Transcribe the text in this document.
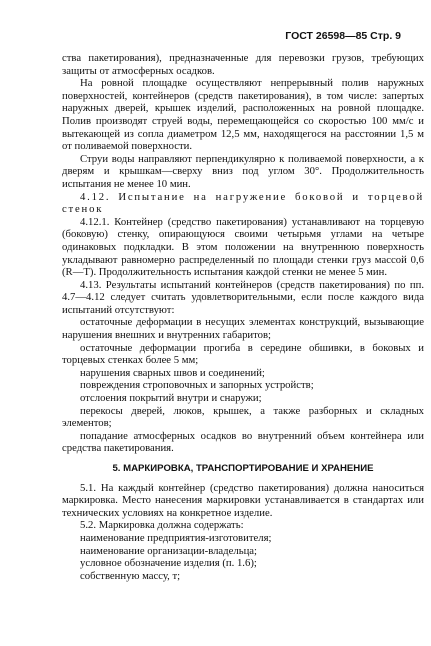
ГОСТ 26598—85 Стр. 9

ства пакетирования), предназначенные для перевозки грузов, требующих защиты от атмосферных осадков.

На ровной площадке осуществляют непрерывный полив наружных поверхностей, контейнеров (средств пакетирования), в том числе: запертых наружных дверей, крышек изделий, расположенных на ровной площадке. Полив производят струей воды, перемещающейся со скоростью 100 мм/с и вытекающей из сопла диаметром 12,5 мм, находящегося на расстоянии 1,5 м от поливаемой поверхности.

Струи воды направляют перпендикулярно к поливаемой поверхности, а к дверям и крышкам—сверху вниз под углом 30°. Продолжительность испытания не менее 10 мин.

4.12. Испытание на нагружение боковой и торцевой стенок

4.12.1. Контейнер (средство пакетирования) устанавливают на торцевую (боковую) стенку, опирающуюся своими четырьмя углами на четыре одинаковых подкладки. В этом положении на внутреннюю поверхность укладывают равномерно распределенный по площади стенки груз массой 0,6 (R—T). Продолжительность испытания каждой стенки не менее 5 мин.

4.13. Результаты испытаний контейнеров (средств пакетирования) по пп. 4.7—4.12 следует считать удовлетворительными, если после каждого вида испытаний отсутствуют:

остаточные деформации в несущих элементах конструкций, вызывающие нарушения внешних и внутренних габаритов;

остаточные деформации прогиба в середине обшивки, в боковых и торцевых стенках более 5 мм;

нарушения сварных швов и соединений;

повреждения строповочных и запорных устройств;

отслоения покрытий внутри и снаружи;

перекосы дверей, люков, крышек, а также разборных и складных элементов;

попадание атмосферных осадков во внутренний объем контейнера или средства пакетирования.

5. МАРКИРОВКА, ТРАНСПОРТИРОВАНИЕ И ХРАНЕНИЕ

5.1. На каждый контейнер (средство пакетирования) должна наноситься маркировка. Место нанесения маркировки устанавливается в стандартах или технических условиях на конкретное изделие.

5.2. Маркировка должна содержать:

наименование предприятия-изготовителя;

наименование организации-владельца;

условное обозначение изделия (п. 1.6);

собственную массу, т;
